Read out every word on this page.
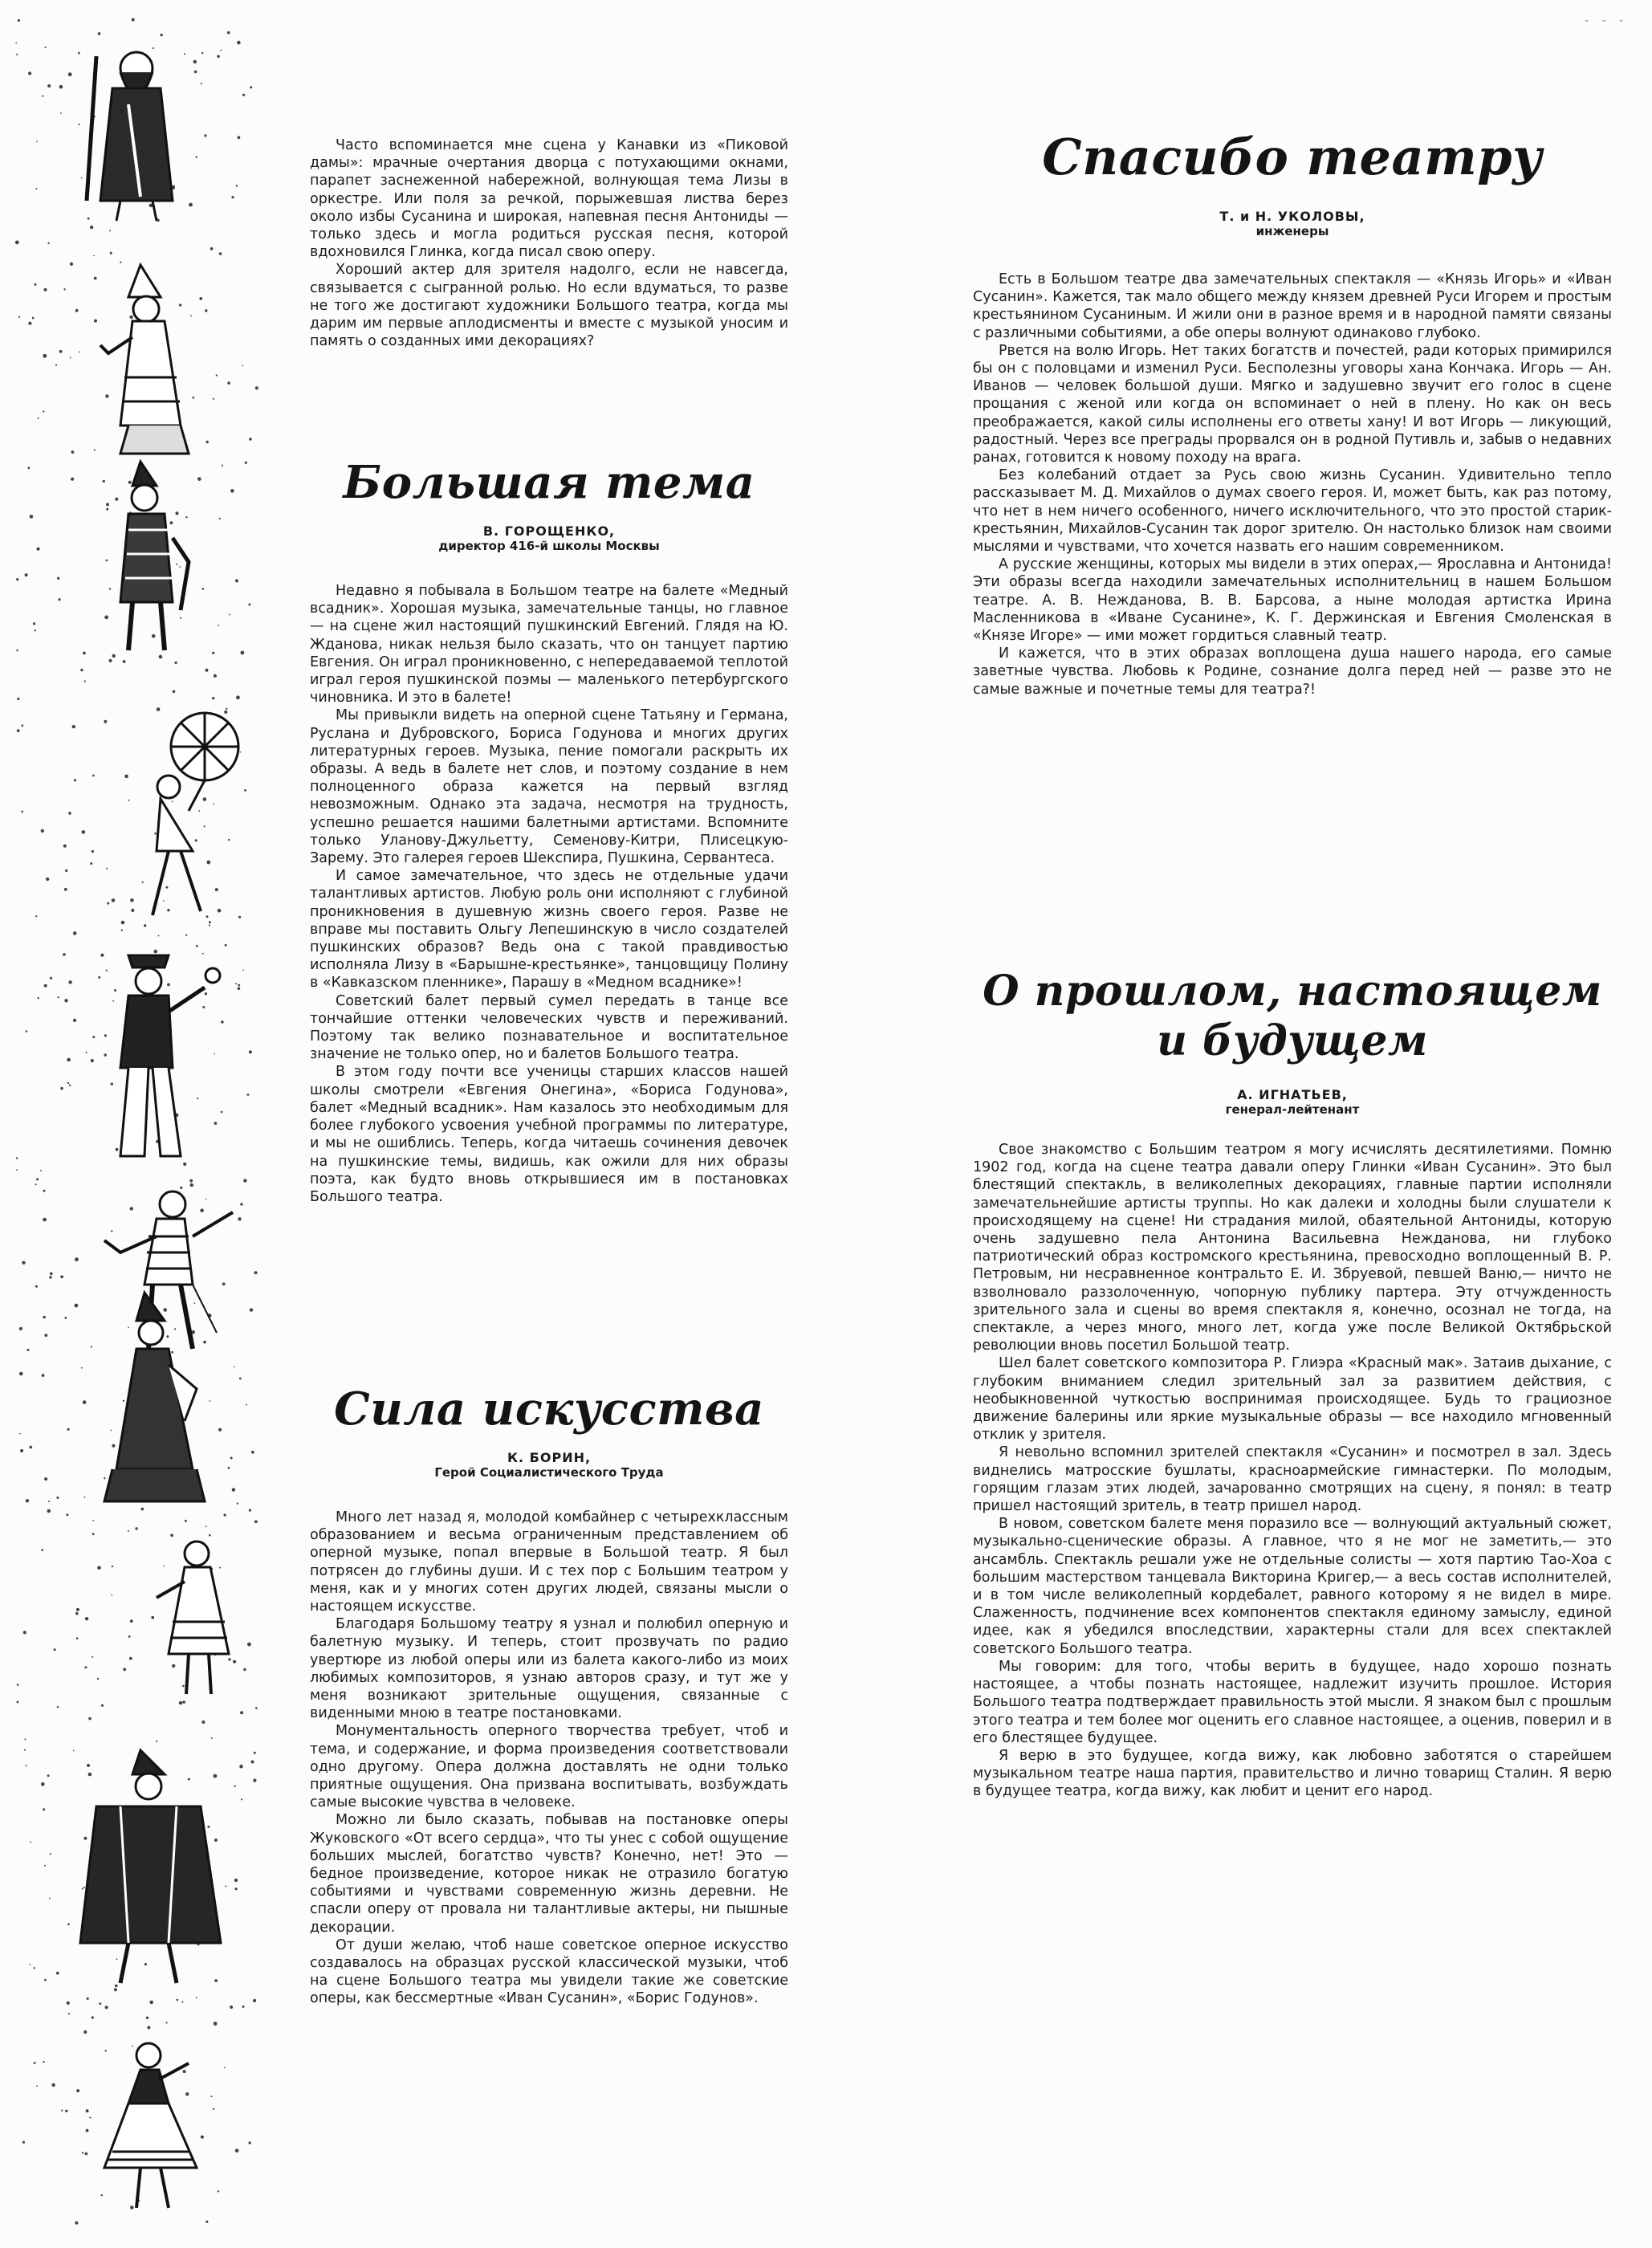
- - -

Часто вспоминается мне сцена у Канавки из «Пиковой дамы»: мрачные очертания дворца с потухающими окнами, парапет заснеженной набережной, волнующая тема Лизы в оркестре. Или поля за речкой, порыжевшая листва берез около избы Сусанина и широкая, напевная песня Антониды — только здесь и могла родиться русская песня, которой вдохновился Глинка, когда писал свою оперу.

Хороший актер для зрителя надолго, если не навсегда, связывается с сыгранной ролью. Но если вдуматься, то разве не того же достигают художники Большого театра, когда мы дарим им первые аплодисменты и вместе с музыкой уносим и память о созданных ими декорациях?

Большая тема

В. ГОРОЩЕНКО,

директор 416-й школы Москвы

Недавно я побывала в Большом театре на балете «Медный всадник». Хорошая музыка, замечательные танцы, но главное — на сцене жил настоящий пушкинский Евгений. Глядя на Ю. Жданова, никак нельзя было сказать, что он танцует партию Евгения. Он играл проникновенно, с непередаваемой теплотой играл героя пушкинской поэмы — маленького петербургского чиновника. И это в балете!

Мы привыкли видеть на оперной сцене Татьяну и Германа, Руслана и Дубровского, Бориса Годунова и многих других литературных героев. Музыка, пение помогали раскрыть их образы. А ведь в балете нет слов, и поэтому создание в нем полноценного образа кажется на первый взгляд невозможным. Однако эта задача, несмотря на трудность, успешно решается нашими балетными артистами. Вспомните только Уланову-Джульетту, Семенову-Китри, Плисецкую-Зарему. Это галерея героев Шекспира, Пушкина, Сервантеса.

И самое замечательное, что здесь не отдельные удачи талантливых артистов. Любую роль они исполняют с глубиной проникновения в душевную жизнь своего героя. Разве не вправе мы поставить Ольгу Лепешинскую в число создателей пушкинских образов? Ведь она с такой правдивостью исполняла Лизу в «Барышне-крестьянке», танцовщицу Полину в «Кавказском пленнике», Парашу в «Медном всаднике»!

Советский балет первый сумел передать в танце все тончайшие оттенки человеческих чувств и переживаний. Поэтому так велико познавательное и воспитательное значение не только опер, но и балетов Большого театра.

В этом году почти все ученицы старших классов нашей школы смотрели «Евгения Онегина», «Бориса Годунова», балет «Медный всадник». Нам казалось это необходимым для более глубокого усвоения учебной программы по литературе, и мы не ошиблись. Теперь, когда читаешь сочинения девочек на пушкинские темы, видишь, как ожили для них образы поэта, как будто вновь открывшиеся им в постановках Большого театра.

Сила искусства

К. БОРИН,

Герой Социалистического Труда

Много лет назад я, молодой комбайнер с четырехклассным образованием и весьма ограниченным представлением об оперной музыке, попал впервые в Большой театр. Я был потрясен до глубины души. И с тех пор с Большим театром у меня, как и у многих сотен других людей, связаны мысли о настоящем искусстве.

Благодаря Большому театру я узнал и полюбил оперную и балетную музыку. И теперь, стоит прозвучать по радио увертюре из любой оперы или из балета какого-либо из моих любимых композиторов, я узнаю авторов сразу, и тут же у меня возникают зрительные ощущения, связанные с виденными мною в театре постановками.

Монументальность оперного творчества требует, чтоб и тема, и содержание, и форма произведения соответствовали одно другому. Опера должна доставлять не одни только приятные ощущения. Она призвана воспитывать, возбуждать самые высокие чувства в человеке.

Можно ли было сказать, побывав на постановке оперы Жуковского «От всего сердца», что ты унес с собой ощущение больших мыслей, богатство чувств? Конечно, нет! Это — бедное произведение, которое никак не отразило богатую событиями и чувствами современную жизнь деревни. Не спасли оперу от провала ни талантливые актеры, ни пышные декорации.

От души желаю, чтоб наше советское оперное искусство создавалось на образцах русской классической музыки, чтоб на сцене Большого театра мы увидели такие же советские оперы, как бессмертные «Иван Сусанин», «Борис Годунов».

Спасибо театру

Т. и Н. УКОЛОВЫ,

инженеры

Есть в Большом театре два замечательных спектакля — «Князь Игорь» и «Иван Сусанин». Кажется, так мало общего между князем древней Руси Игорем и простым крестьянином Сусаниным. И жили они в разное время и в народной памяти связаны с различными событиями, а обе оперы волнуют одинаково глубоко.

Рвется на волю Игорь. Нет таких богатств и почестей, ради которых примирился бы он с половцами и изменил Руси. Бесполезны уговоры хана Кончака. Игорь — Ан. Иванов — человек большой души. Мягко и задушевно звучит его голос в сцене прощания с женой или когда он вспоминает о ней в плену. Но как он весь преображается, какой силы исполнены его ответы хану! И вот Игорь — ликующий, радостный. Через все преграды прорвался он в родной Путивль и, забыв о недавних ранах, готовится к новому походу на врага.

Без колебаний отдает за Русь свою жизнь Сусанин. Удивительно тепло рассказывает М. Д. Михайлов о думах своего героя. И, может быть, как раз потому, что нет в нем ничего особенного, ничего исключительного, что это простой старик-крестьянин, Михайлов-Сусанин так дорог зрителю. Он настолько близок нам своими мыслями и чувствами, что хочется назвать его нашим современником.

А русские женщины, которых мы видели в этих операх,— Ярославна и Антонида! Эти образы всегда находили замечательных исполнительниц в нашем Большом театре. А. В. Нежданова, В. В. Барсова, а ныне молодая артистка Ирина Масленникова в «Иване Сусанине», К. Г. Держинская и Евгения Смоленская в «Князе Игоре» — ими может гордиться славный театр.

И кажется, что в этих образах воплощена душа нашего народа, его самые заветные чувства. Любовь к Родине, сознание долга перед ней — разве это не самые важные и почетные темы для театра?!

О прошлом, настоящем
и будущем

А. ИГНАТЬЕВ,

генерал-лейтенант

Свое знакомство с Большим театром я могу исчислять десятилетиями. Помню 1902 год, когда на сцене театра давали оперу Глинки «Иван Сусанин». Это был блестящий спектакль, в великолепных декорациях, главные партии исполняли замечательнейшие артисты труппы. Но как далеки и холодны были слушатели к происходящему на сцене! Ни страдания милой, обаятельной Антониды, которую очень задушевно пела Антонина Васильевна Нежданова, ни глубоко патриотический образ костромского крестьянина, превосходно воплощенный В. Р. Петровым, ни несравненное контральто Е. И. Збруевой, певшей Ваню,— ничто не взволновало раззолоченную, чопорную публику партера. Эту отчужденность зрительного зала и сцены во время спектакля я, конечно, осознал не тогда, на спектакле, а через много, много лет, когда уже после Великой Октябрьской революции вновь посетил Большой театр.

Шел балет советского композитора Р. Глиэра «Красный мак». Затаив дыхание, с глубоким вниманием следил зрительный зал за развитием действия, с необыкновенной чуткостью воспринимая происходящее. Будь то грациозное движение балерины или яркие музыкальные образы — все находило мгновенный отклик у зрителя.

Я невольно вспомнил зрителей спектакля «Сусанин» и посмотрел в зал. Здесь виднелись матросские бушлаты, красноармейские гимнастерки. По молодым, горящим глазам этих людей, зачарованно смотрящих на сцену, я понял: в театр пришел настоящий зритель, в театр пришел народ.

В новом, советском балете меня поразило все — волнующий актуальный сюжет, музыкально-сценические образы. А главное, что я не мог не заметить,— это ансамбль. Спектакль решали уже не отдельные солисты — хотя партию Тао-Хоа с большим мастерством танцевала Викторина Кригер,— а весь состав исполнителей, и в том числе великолепный кордебалет, равного которому я не видел в мире. Слаженность, подчинение всех компонентов спектакля единому замыслу, единой идее, как я убедился впоследствии, характерны стали для всех спектаклей советского Большого театра.

Мы говорим: для того, чтобы верить в будущее, надо хорошо познать настоящее, а чтобы познать настоящее, надлежит изучить прошлое. История Большого театра подтверждает правильность этой мысли. Я знаком был с прошлым этого театра и тем более мог оценить его славное настоящее, а оценив, поверил и в его блестящее будущее.

Я верю в это будущее, когда вижу, как любовно заботятся о старейшем музыкальном театре наша партия, правительство и лично товарищ Сталин. Я верю в будущее театра, когда вижу, как любит и ценит его народ.
